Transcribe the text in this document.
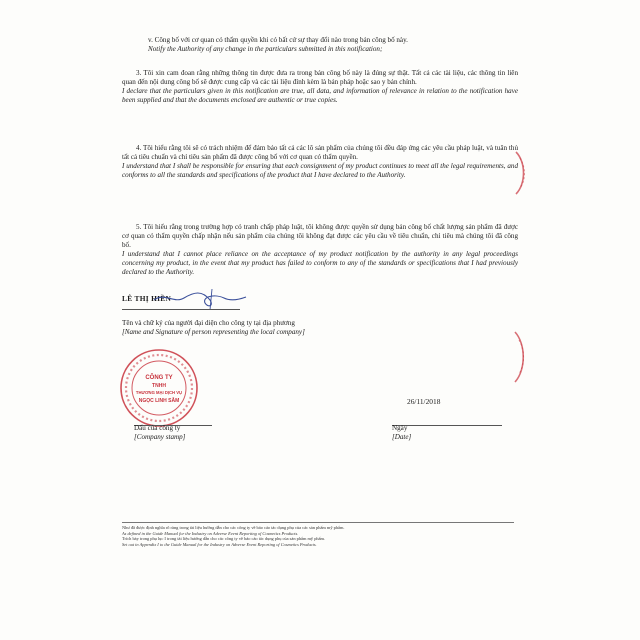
v. Công bố với cơ quan có thẩm quyền khi có bất cứ sự thay đổi nào trong bản công bố này.

Notify the Authority of any change in the particulars submitted in this notification;

3. Tôi xin cam đoan rằng những thông tin được đưa ra trong bản công bố này là đúng sự thật. Tất cả các tài liệu, các thông tin liên quan đến nội dung công bố sẽ được cung cấp và các tài liệu đính kèm là bản pháp hoặc sao y bản chính.

I declare that the particulars given in this notification are true, all data, and information of relevance in relation to the notification have been supplied and that the documents enclosed are authentic or true copies.

4. Tôi hiểu rằng tôi sẽ có trách nhiệm để đảm bảo tất cả các lô sản phẩm của chúng tôi đều đáp ứng các yêu cầu pháp luật, và tuân thủ tất cả tiêu chuẩn và chỉ tiêu sản phẩm đã được công bố với cơ quan có thẩm quyền.

I understand that I shall be responsible for ensuring that each consignment of my product continues to meet all the legal requirements, and conforms to all the standards and specifications of the product that I have declared to the Authority.

5. Tôi hiểu rằng trong trường hợp có tranh chấp pháp luật, tôi không được quyền sử dụng bản công bố chất lượng sản phẩm đã được cơ quan có thẩm quyền chấp nhận nếu sản phẩm của chúng tôi không đạt được các yêu cầu về tiêu chuẩn, chỉ tiêu mà chúng tôi đã công bố.

I understand that I cannot place reliance on the acceptance of my product notification by the authority in any legal proceedings concerning my product, in the event that my product has failed to conform to any of the standards or specifications that I had previously declared to the Authority.

LÊ THỊ HIỀN
Tên và chữ ký của người đại diện cho công ty tại địa phương
[Name and Signature of person representing the local company]
CÔNG TY
TNHH
THƯƠNG MẠI DỊCH VỤ
NGỌC LINH SÂM	26/11/2018
Dấu của công ty
[Company stamp]
Ngày
[Date]
Như đã được định nghĩa rõ ràng trong tài liệu hướng dẫn cho các công ty về báo cáo tác dụng phụ của các sản phẩm mỹ phẩm.
As defined in the Guide Manual for the Industry on Adverse Event Reporting of Cosmetics Products.
Trích bảy trong phụ lục I trong tài liệu hướng dẫn cho các công ty về báo cáo tác dụng phụ của sản phẩm mỹ phẩm.
Set out in Appendix I to the Guide Manual for the Industry on Adverse Event Reporting of Cosmetics Products.
